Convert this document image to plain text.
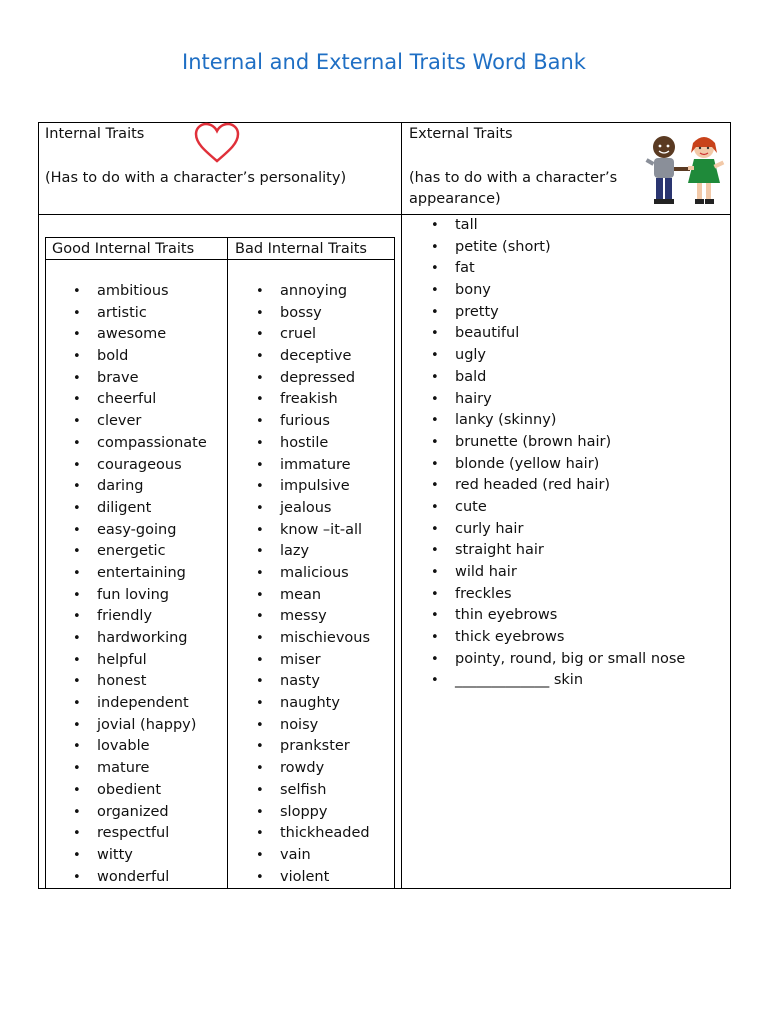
Internal and External Traits Word Bank
Internal Traits
(Has to do with a character’s personality)
External Traits
(has to do with a character’s
appearance)
Good Internal Traits	Bad Internal Traits
• ambitious
• artistic
• awesome
• bold
• brave
• cheerful
• clever
• compassionate
• courageous
• daring
• diligent
• easy-going
• energetic
• entertaining
• fun loving
• friendly
• hardworking
• helpful
• honest
• independent
• jovial (happy)
• lovable
• mature
• obedient
• organized
• respectful
• witty
• wonderful
• annoying
• bossy
• cruel
• deceptive
• depressed
• freakish
• furious
• hostile
• immature
• impulsive
• jealous
• know –it-all
• lazy
• malicious
• mean
• messy
• mischievous
• miser
• nasty
• naughty
• noisy
• prankster
• rowdy
• selfish
• sloppy
• thickheaded
• vain
• violent
• tall
• petite (short)
• fat
• bony
• pretty
• beautiful
• ugly
• bald
• hairy
• lanky (skinny)
• brunette (brown hair)
• blonde (yellow hair)
• red headed (red hair)
• cute
• curly hair
• straight hair
• wild hair
• freckles
• thin eyebrows
• thick eyebrows
• pointy, round, big or small nose
• _____________ skin
